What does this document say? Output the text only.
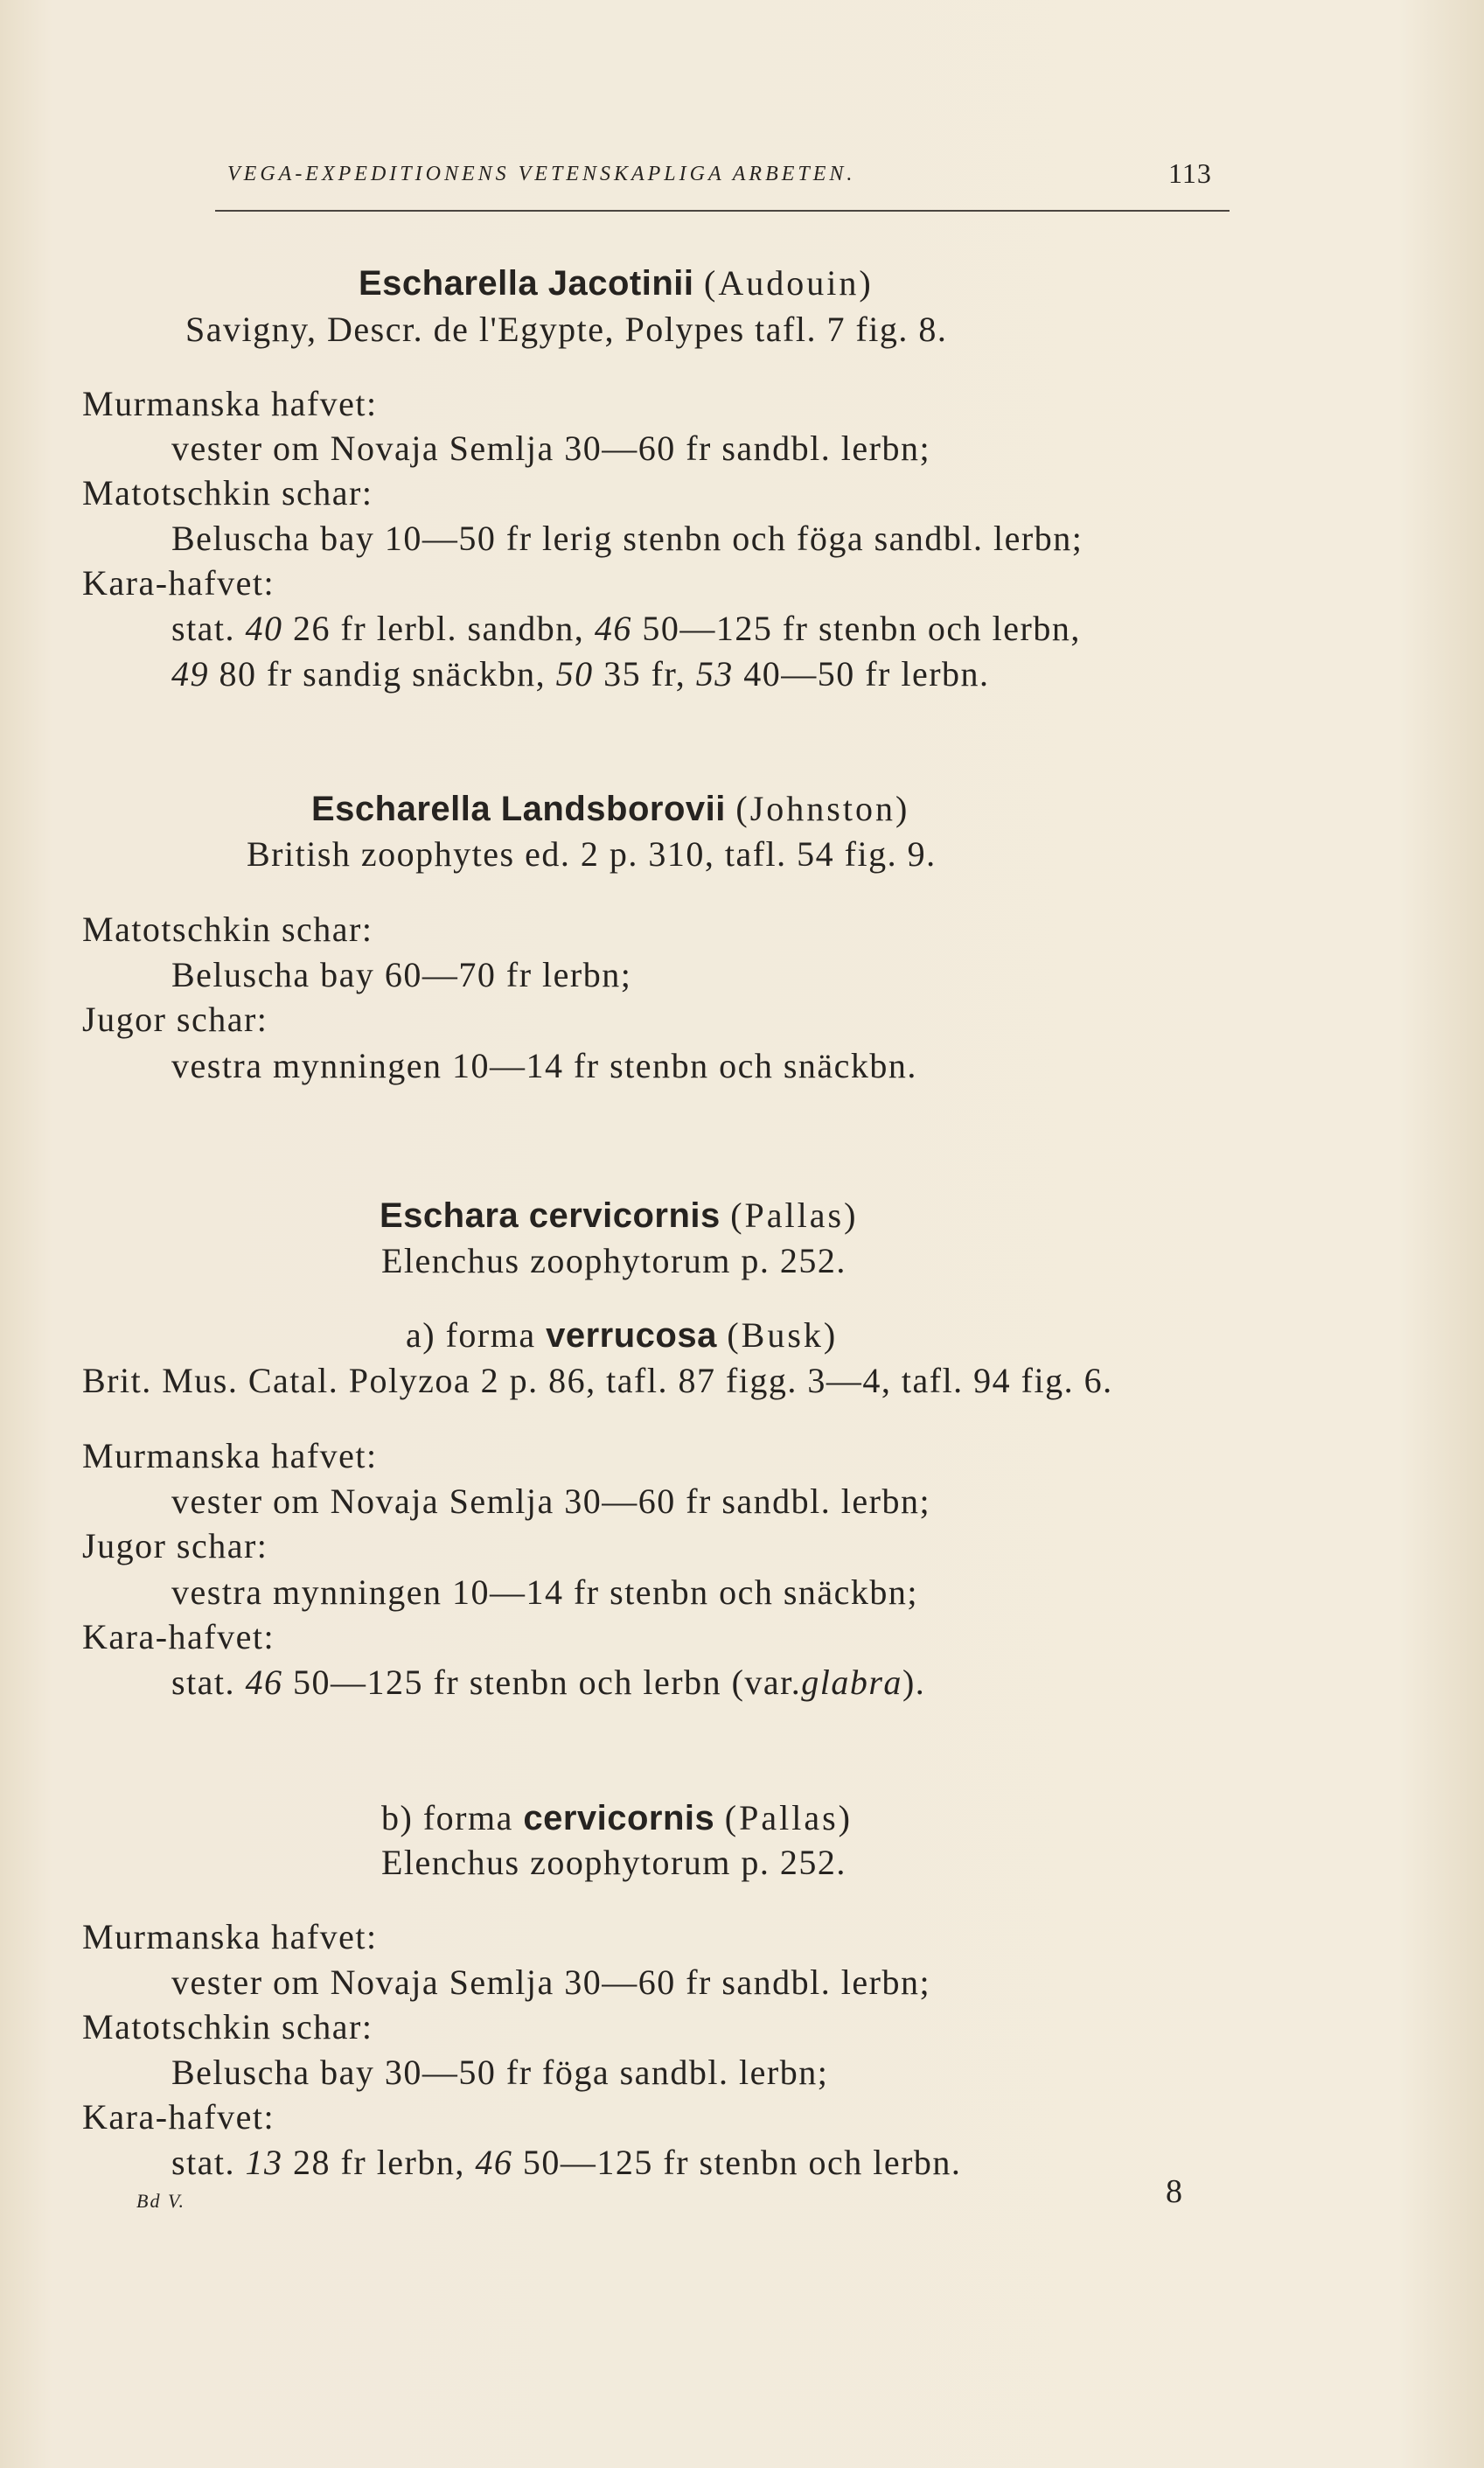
VEGA-EXPEDITIONENS VETENSKAPLIGA ARBETEN.	113
Escharella Jacotinii (Audouin)
Savigny, Descr. de l'Egypte, Polypes tafl. 7 fig. 8.
Murmanska hafvet:
vester om Novaja Semlja 30—60 fr sandbl. lerbn;
Matotschkin schar:
Beluscha bay 10—50 fr lerig stenbn och föga sandbl. lerbn;
Kara-hafvet:
stat. 40 26 fr lerbl. sandbn, 46 50—125 fr stenbn och lerbn,
49 80 fr sandig snäckbn, 50 35 fr, 53 40—50 fr lerbn.
Escharella Landsborovii (Johnston)
British zoophytes ed. 2 p. 310, tafl. 54 fig. 9.
Matotschkin schar:
Beluscha bay 60—70 fr lerbn;
Jugor schar:
vestra mynningen 10—14 fr stenbn och snäckbn.
Eschara cervicornis (Pallas)
Elenchus zoophytorum p. 252.
a) forma verrucosa (Busk)
Brit. Mus. Catal. Polyzoa 2 p. 86, tafl. 87 figg. 3—4, tafl. 94 fig. 6.
Murmanska hafvet:
vester om Novaja Semlja 30—60 fr sandbl. lerbn;
Jugor schar:
vestra mynningen 10—14 fr stenbn och snäckbn;
Kara-hafvet:
stat. 46 50—125 fr stenbn och lerbn (var.glabra).
b) forma cervicornis (Pallas)
Elenchus zoophytorum p. 252.
Murmanska hafvet:
vester om Novaja Semlja 30—60 fr sandbl. lerbn;
Matotschkin schar:
Beluscha bay 30—50 fr föga sandbl. lerbn;
Kara-hafvet:
stat. 13 28 fr lerbn, 46 50—125 fr stenbn och lerbn.
Bd V.	8
